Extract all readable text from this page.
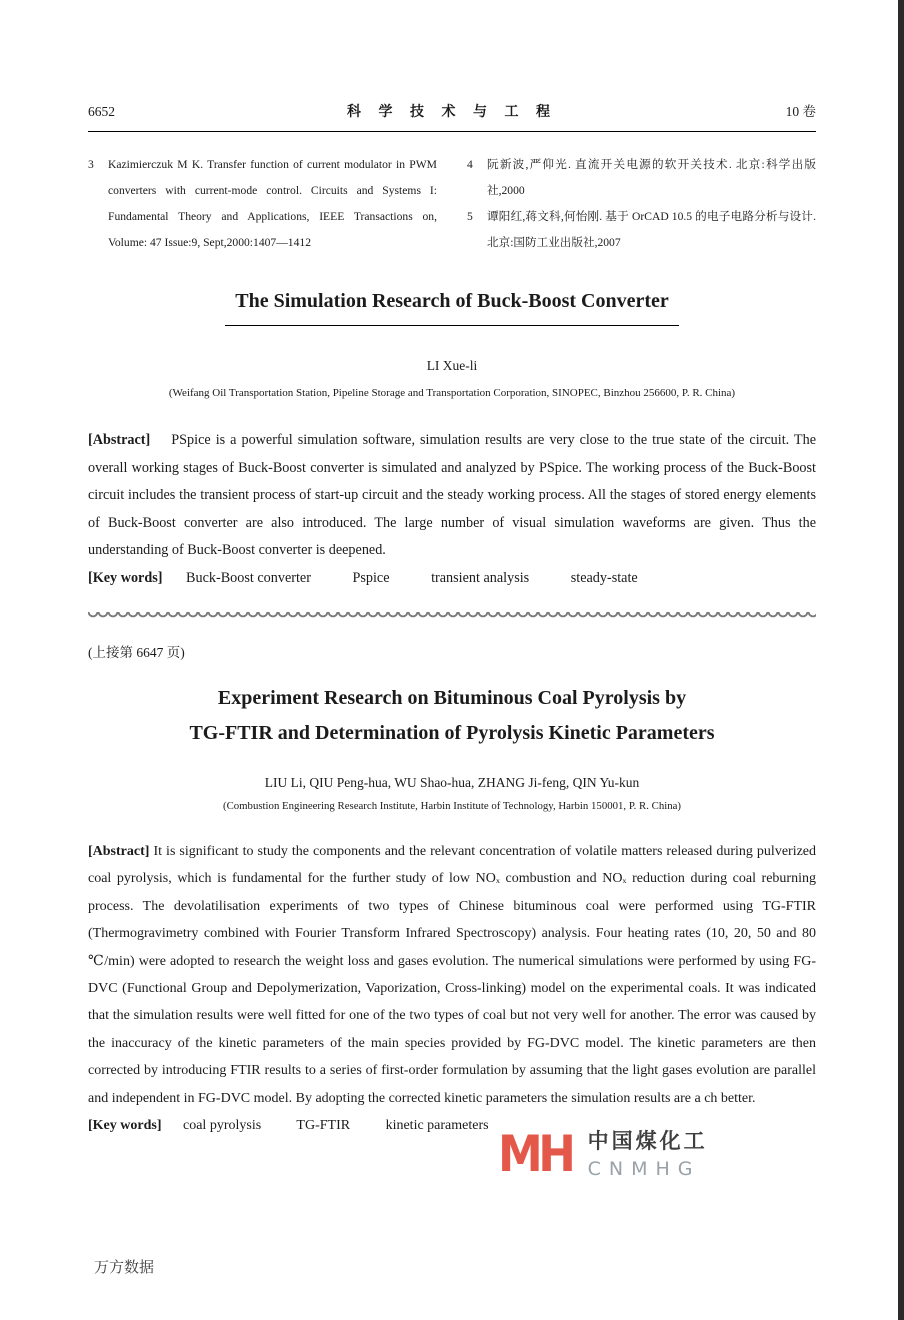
6652	科 学 技 术 与 工 程	10 卷
3	Kazimierczuk M K. Transfer function of current modulator in PWM converters with current-mode control. Circuits and Systems I: Fundamental Theory and Applications, IEEE Transactions on, Volume: 47 Issue:9, Sept,2000:1407—1412
4	阮新波,严仰光. 直流开关电源的软开关技术. 北京:科学出版社,2000
5	谭阳红,蒋文科,何怡刚. 基于 OrCAD 10.5 的电子电路分析与设计. 北京:国防工业出版社,2007
The Simulation Research of Buck-Boost Converter
LI Xue-li
(Weifang Oil Transportation Station, Pipeline Storage and Transportation Corporation, SINOPEC, Binzhou 256600, P. R. China)

[Abstract] PSpice is a powerful simulation software, simulation results are very close to the true state of the circuit. The overall working stages of Buck-Boost converter is simulated and analyzed by PSpice. The working process of the Buck-Boost circuit includes the transient process of start-up circuit and the steady working process. All the stages of stored energy elements of Buck-Boost converter are also introduced. The large number of visual simulation waveforms are given. Thus the understanding of Buck-Boost converter is deepened.

[Key words] Buck-Boost converter	Pspice	transient analysis	steady-state

(上接第 6647 页)
Experiment Research on Bituminous Coal Pyrolysis by
TG-FTIR and Determination of Pyrolysis Kinetic Parameters
LIU Li, QIU Peng-hua, WU Shao-hua, ZHANG Ji-feng, QIN Yu-kun
(Combustion Engineering Research Institute, Harbin Institute of Technology, Harbin 150001, P. R. China)

[Abstract] It is significant to study the components and the relevant concentration of volatile matters released during pulverized coal pyrolysis, which is fundamental for the further study of low NOₓ combustion and NOₓ reduction during coal reburning process. The devolatilisation experiments of two types of Chinese bituminous coal were performed using TG-FTIR (Thermogravimetry combined with Fourier Transform Infrared Spectroscopy) analysis. Four heating rates (10, 20, 50 and 80 ℃/min) were adopted to research the weight loss and gases evolution. The numerical simulations were performed by using FG-DVC (Functional Group and Depolymerization, Vaporization, Cross-linking) model on the experimental coals. It was indicated that the simulation results were well fitted for one of the two types of coal but not very well for another. The error was caused by the inaccuracy of the kinetic parameters of the main species provided by FG-DVC model. The kinetic parameters are then corrected by introducing FTIR results to a series of first-order formulation by assuming that the light gases evolution are parallel and independent in FG-DVC model. By adopting the corrected kinetic parameters the simulation results are a ch better.

[Key words] coal pyrolysis	TG-FTIR	kinetic parameters MH 中国煤化工
CNMHG
万方数据
